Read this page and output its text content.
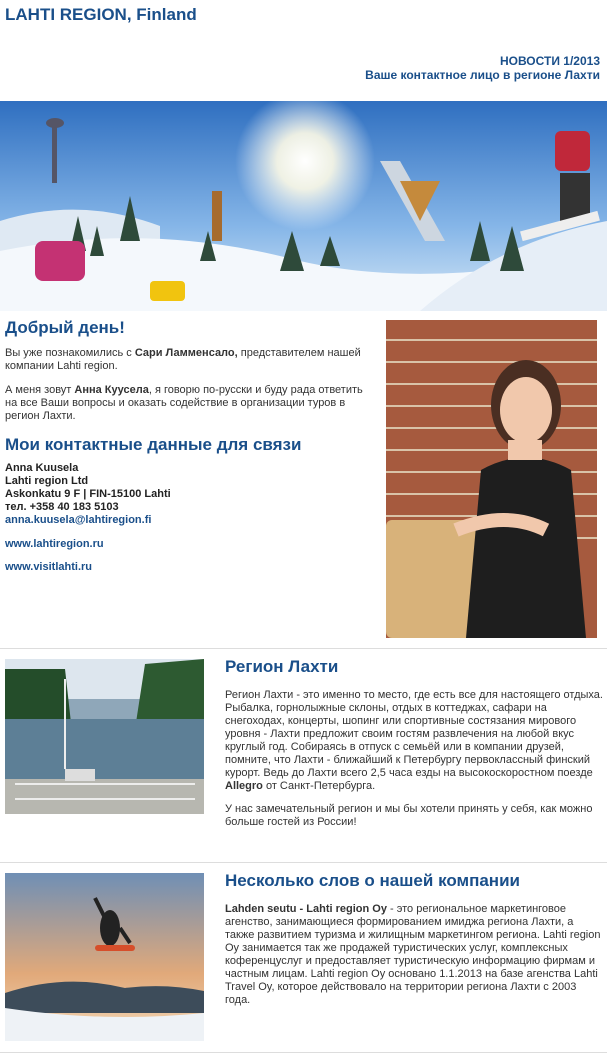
LAHTI REGION, Finland
НОВОСТИ 1/2013
Ваше контактное лицо в регионе Лахти
Добрый день!

Вы уже познакомились с Сари Ламменсало, представителем нашей компании Lahti region.

А меня зовут Анна Куусела, я говорю по-русски и буду рада ответить на все Ваши вопросы и оказать содействие в организации туров в регион Лахти.

Мои контактные данные для связи
Anna Kuusela
Lahti region Ltd
Askonkatu 9 F | FIN-15100 Lahti
тел. +358 40 183 5103
anna.kuusela@lahtiregion.fi
www.lahtiregion.ru
www.visitlahti.ru
Регион Лахти

Регион Лахти - это именно то место, где есть все для настоящего отдыха. Рыбалка, горнолыжные склоны, отдых в коттеджах, сафари на снегоходах, концерты, шопинг или спортивные состязания мирового уровня - Лахти предложит своим гостям развлечения на любой вкус круглый год. Собираясь в отпуск с семьёй или в компании друзей, помните, что Лахти - ближайший к Петербургу первоклассный финский курорт. Ведь до Лахти всего 2,5 часа езды на высокоскоростном поезде Allegro от Санкт-Петербурга.

У нас замечательный регион и мы бы хотели принять у себя, как можно больше гостей из России!

Несколько слов о нашей компании

Lahden seutu - Lahti region Oy - это региональное маркетинговое агенство, занимающиеся формированием имиджа региона Лахти, а также развитием туризма и жилищным маркетингом региона. Lahti region Oy занимается так же продажей туристических услуг, комплексных коференцуслуг и предоставляет туристическую информацию фирмам и частным лицам. Lahti region Oy основано 1.1.2013 на базе агенства Lahti Travel Oy, которое действовало на территории региона Лахти с 2003 года.
